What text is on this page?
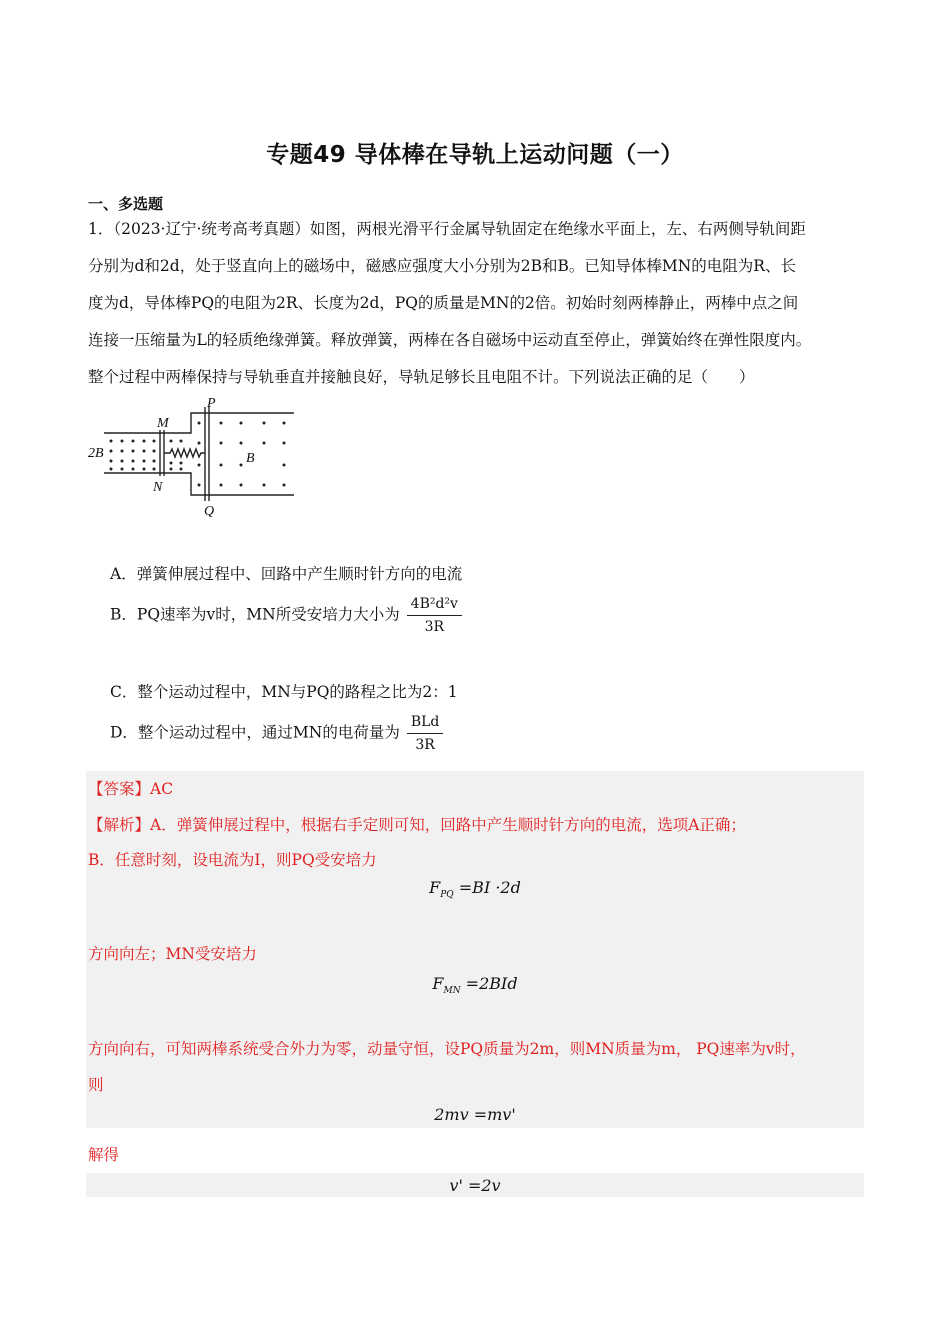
专题49 导体棒在导轨上运动问题（一）
一、多选题
1．（2023·辽宁·统考高考真题）如图，两根光滑平行金属导轨固定在绝缘水平面上，左、右两侧导轨间距
分别为d和2d，处于竖直向上的磁场中，磁感应强度大小分别为2B和B。已知导体棒MN的电阻为R、长
度为d，导体棒PQ的电阻为2R、长度为2d，PQ的质量是MN的2倍。初始时刻两棒静止，两棒中点之间
连接一压缩量为L的轻质绝缘弹簧。释放弹簧，两棒在各自磁场中运动直至停止，弹簧始终在弹性限度内。
整个过程中两棒保持与导轨垂直并接触良好，导轨足够长且电阻不计。下列说法正确的足（　　）
2B	B
M
N
P
Q
A．弹簧伸展过程中、回路中产生顺时针方向的电流
B．PQ速率为v时，MN所受安培力大小为 $\frac{\text{4B²d²v}}{3R}$
C．整个运动过程中，MN与PQ的路程之比为2：1
D．整个运动过程中，通过MN的电荷量为 $\frac{\text{BLd}}{3R}$
【答案】AC
【解析】A．弹簧伸展过程中，根据右手定则可知，回路中产生顺时针方向的电流，选项A正确；
B．任意时刻，设电流为I，则PQ受安培力
$F_{PQ} =BI \cdot 2d$
方向向左；MN受安培力
$F_{MN} =2BId$
方向向右，可知两棒系统受合外力为零，动量守恒，设PQ质量为2m，则MN质量为m， PQ速率为v时，
则
2mv =mv'
解得
v' =2v
